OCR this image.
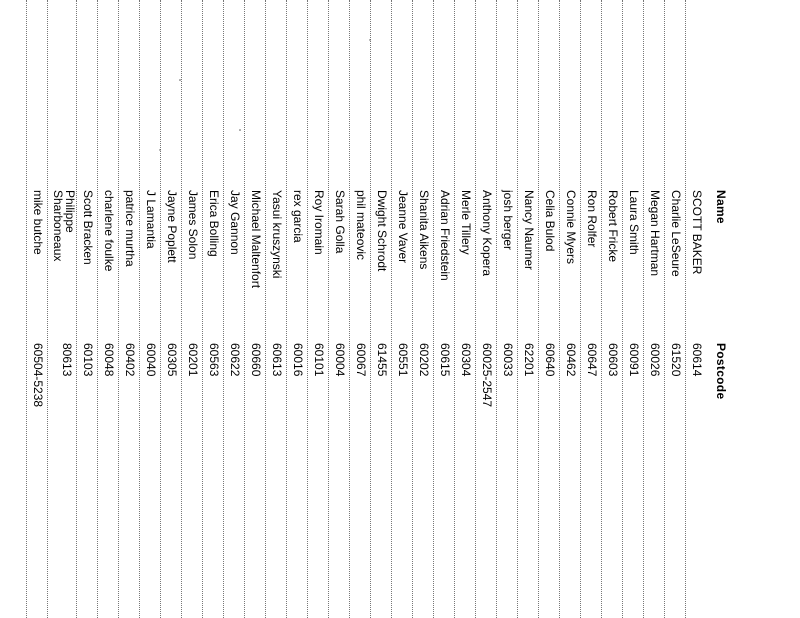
Name
Postcode
SCOTT BAKER
60614
Charlie LeSeure
61520
Megan Hartman
60026
Laura Smith
60091
Robert Fricke
60603
Ron Rolfer
60647
Connie Myers
60462
Celia Bulod
60640
Nancy Naumer
62201
josh berger
60033
Anthony Kopera
60025-2547
Merle Tillery
60304
Adrian Friedstein
60615
Shanita Aikens
60202
Jeanne Vaver
60551
Dwight Schrodt
61455
phil mateovic
60067
Sarah Golla
60004
Roy Iromain
60101
rex garcia
60016
Yasui kruszynski
60613
Michael Maltenfort
60660
Jay Gannon
60622
Erica Bolling
60563
James Solon
60201
Jayne Poplett
60305
J Lamantia
60040
patrice murtha
60402
charlene foulke
60048
Scott Bracken
60103
Philippe Sharboneaux
80613
mike butche
60504-5238
